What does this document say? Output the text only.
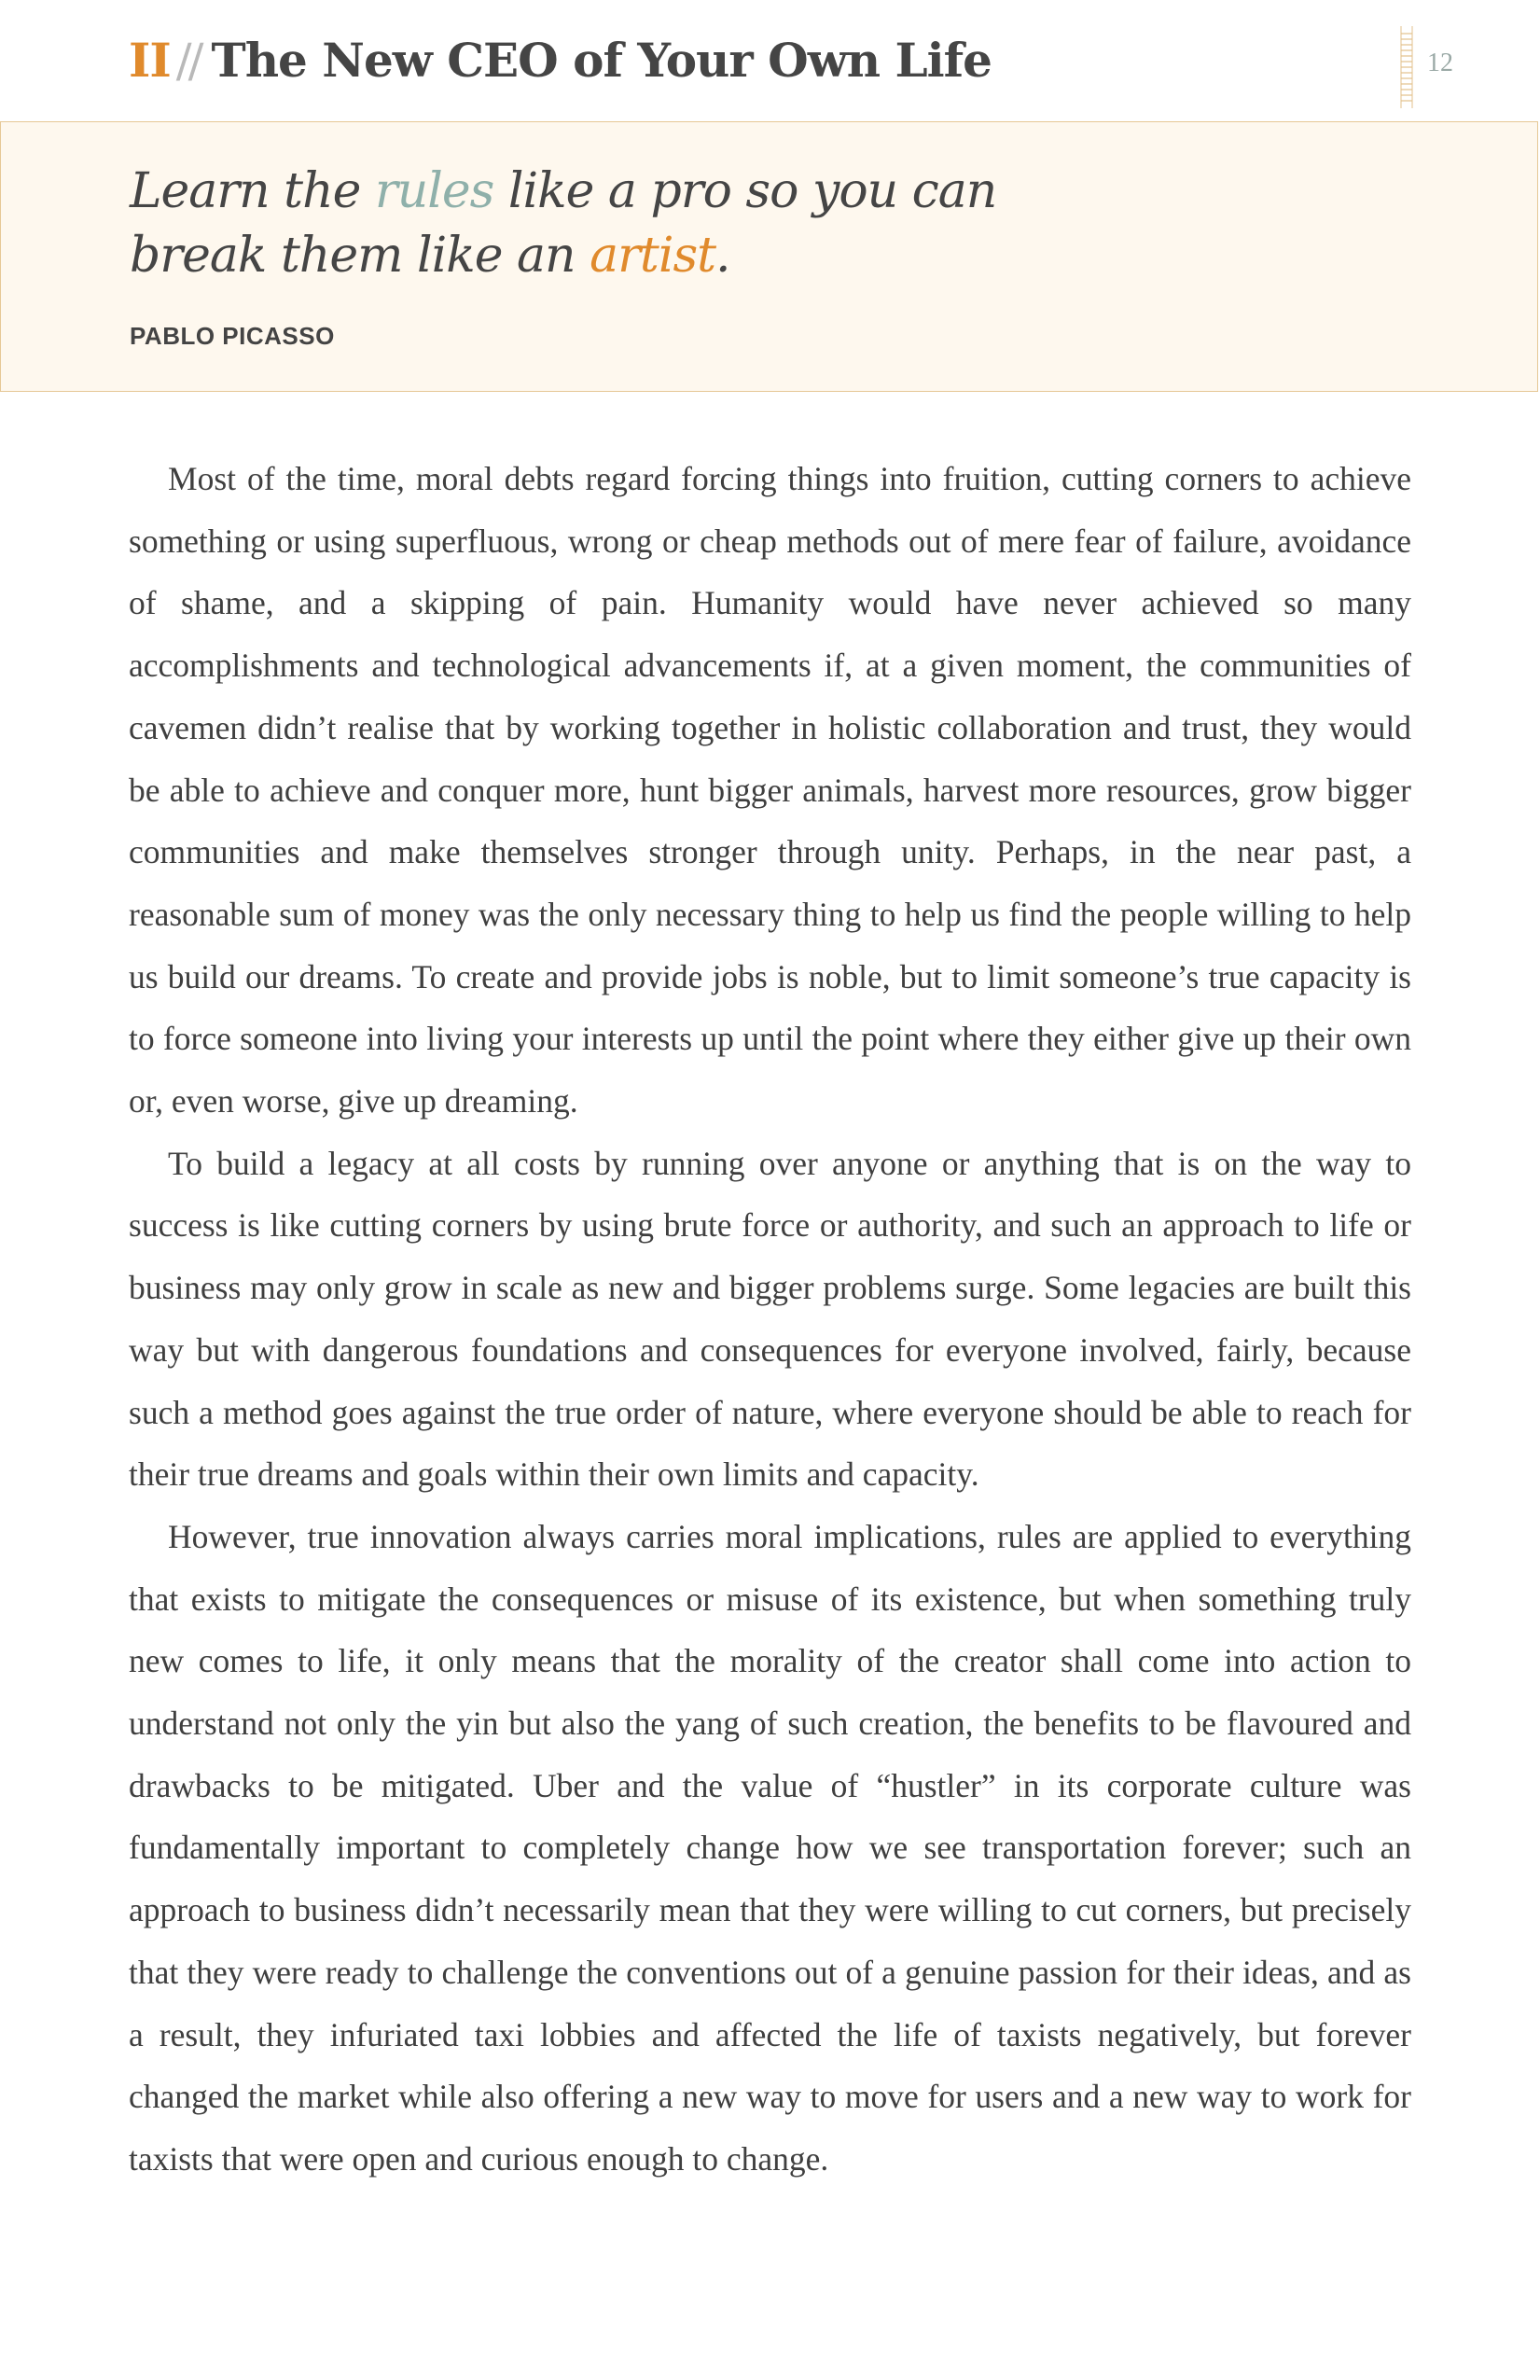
II // The New CEO of Your Own Life	12
Learn the rules like a pro so you can break them like an artist.
PABLO PICASSO

Most of the time, moral debts regard forcing things into fruition, cutting corners to achieve something or using superfluous, wrong or cheap methods out of mere fear of failure, avoidance of shame, and a skipping of pain. Humanity would have never achieved so many accomplishments and technological advancements if, at a given moment, the communities of cavemen didn’t realise that by working together in holistic collaboration and trust, they would be able to achieve and conquer more, hunt bigger animals, harvest more resources, grow bigger communities and make themselves stronger through unity. Perhaps, in the near past, a reasonable sum of money was the only necessary thing to help us find the people willing to help us build our dreams. To create and provide jobs is noble, but to limit someone’s true capacity is to force someone into living your interests up until the point where they either give up their own or, even worse, give up dreaming.

To build a legacy at all costs by running over anyone or anything that is on the way to success is like cutting corners by using brute force or authority, and such an approach to life or business may only grow in scale as new and bigger problems surge. Some legacies are built this way but with dangerous foundations and consequences for everyone involved, fairly, because such a method goes against the true order of nature, where everyone should be able to reach for their true dreams and goals within their own limits and capacity.

However, true innovation always carries moral implications, rules are applied to everything that exists to mitigate the consequences or misuse of its existence, but when something truly new comes to life, it only means that the morality of the creator shall come into action to understand not only the yin but also the yang of such creation, the benefits to be flavoured and drawbacks to be mitigated. Uber and the value of “hustler” in its corporate culture was fundamentally important to completely change how we see transportation forever; such an approach to business didn’t necessarily mean that they were willing to cut corners, but precisely that they were ready to challenge the conventions out of a genuine passion for their ideas, and as a result, they infuriated taxi lobbies and affected the life of taxists negatively, but forever changed the market while also offering a new way to move for users and a new way to work for taxists that were open and curious enough to change.
